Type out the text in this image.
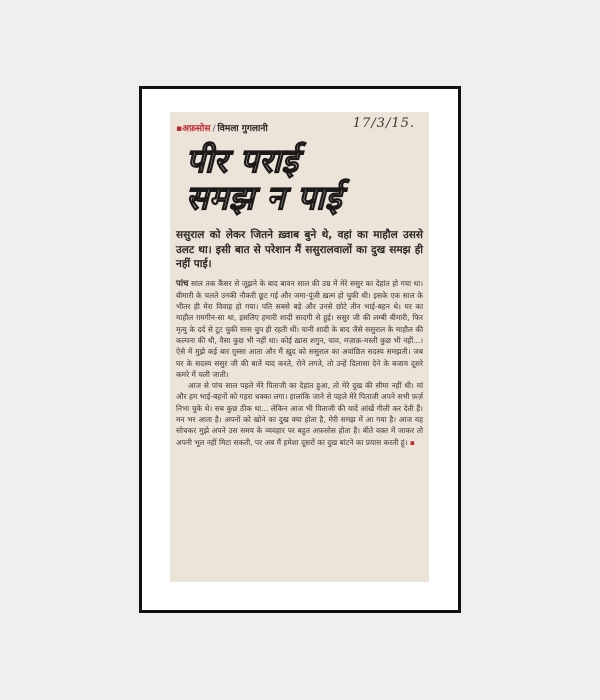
▪अफ़सोस / विमला गुगलानी	17/3/15.
पीर पराई
समझ न पाई
ससुराल को लेकर जितने ख़्वाब बुने थे, वहां का माहौल उससे उलट था। इसी बात से परेशान मैं ससुरालवालों का दुख समझ ही नहीं पाई।

पांच साल तक कैंसर से जूझने के बाद बावन साल की उम्र में मेरे ससुर का देहांत हो गया था। बीमारी के चलते उनकी नौकरी छूट गई और जमा-पूंजी ख़त्म हो चुकी थी। इसके एक साल के भीतर ही मेरा विवाह हो गया। पति सबसे बड़े और उनसे छोटे तीन भाई-बहन थे। घर का माहौल ग़मगीन-सा था, इसलिए हमारी शादी सादगी से हुई। ससुर जी की लम्बी बीमारी, फिर मृत्यु के दर्द से टूट चुकी सास चुप ही रहती थीं। यानी शादी के बाद जैसे ससुराल के माहौल की कल्पना की थी, वैसा कुछ भी नहीं था। कोई ख़ास शगुन, चाव, मज़ाक़-मस्ती कुछ भी नहीं...। ऐसे में मुझे कई बार ग़ुस्सा आता और मैं ख़ुद को ससुराल का अवांछित सदस्य समझती। जब घर के सदस्य ससुर जी की बातें याद करते, रोने लगते, तो उन्हें दिलासा देने के बजाय दूसरे कमरे में चली जाती।

आज से पांच साल पहले मेरे पिताजी का देहांत हुआ, तो मेरे दुख की सीमा नहीं थी। मां और हम भाई-बहनों को गहरा धक्का लगा। हालांकि जाने से पहले मेरे पिताजी अपने सभी फ़र्ज़ निभा चुके थे। सब कुछ ठीक था... लेकिन आज भी पिताजी की यादें आंखें गीली कर देती हैं। मन भर आता है। अपनों को खोने का दुख क्या होता है, मेरी समझ में आ गया है। आज यह सोचकर मुझे अपने उस समय के व्यवहार पर बहुत अफ़सोस होता है। बीते वक़्त में जाकर तो अपनी भूल नहीं मिटा सकती, पर अब मैं हमेशा दूसरों का दुख बांटने का प्रयास करती हूं। ▪
